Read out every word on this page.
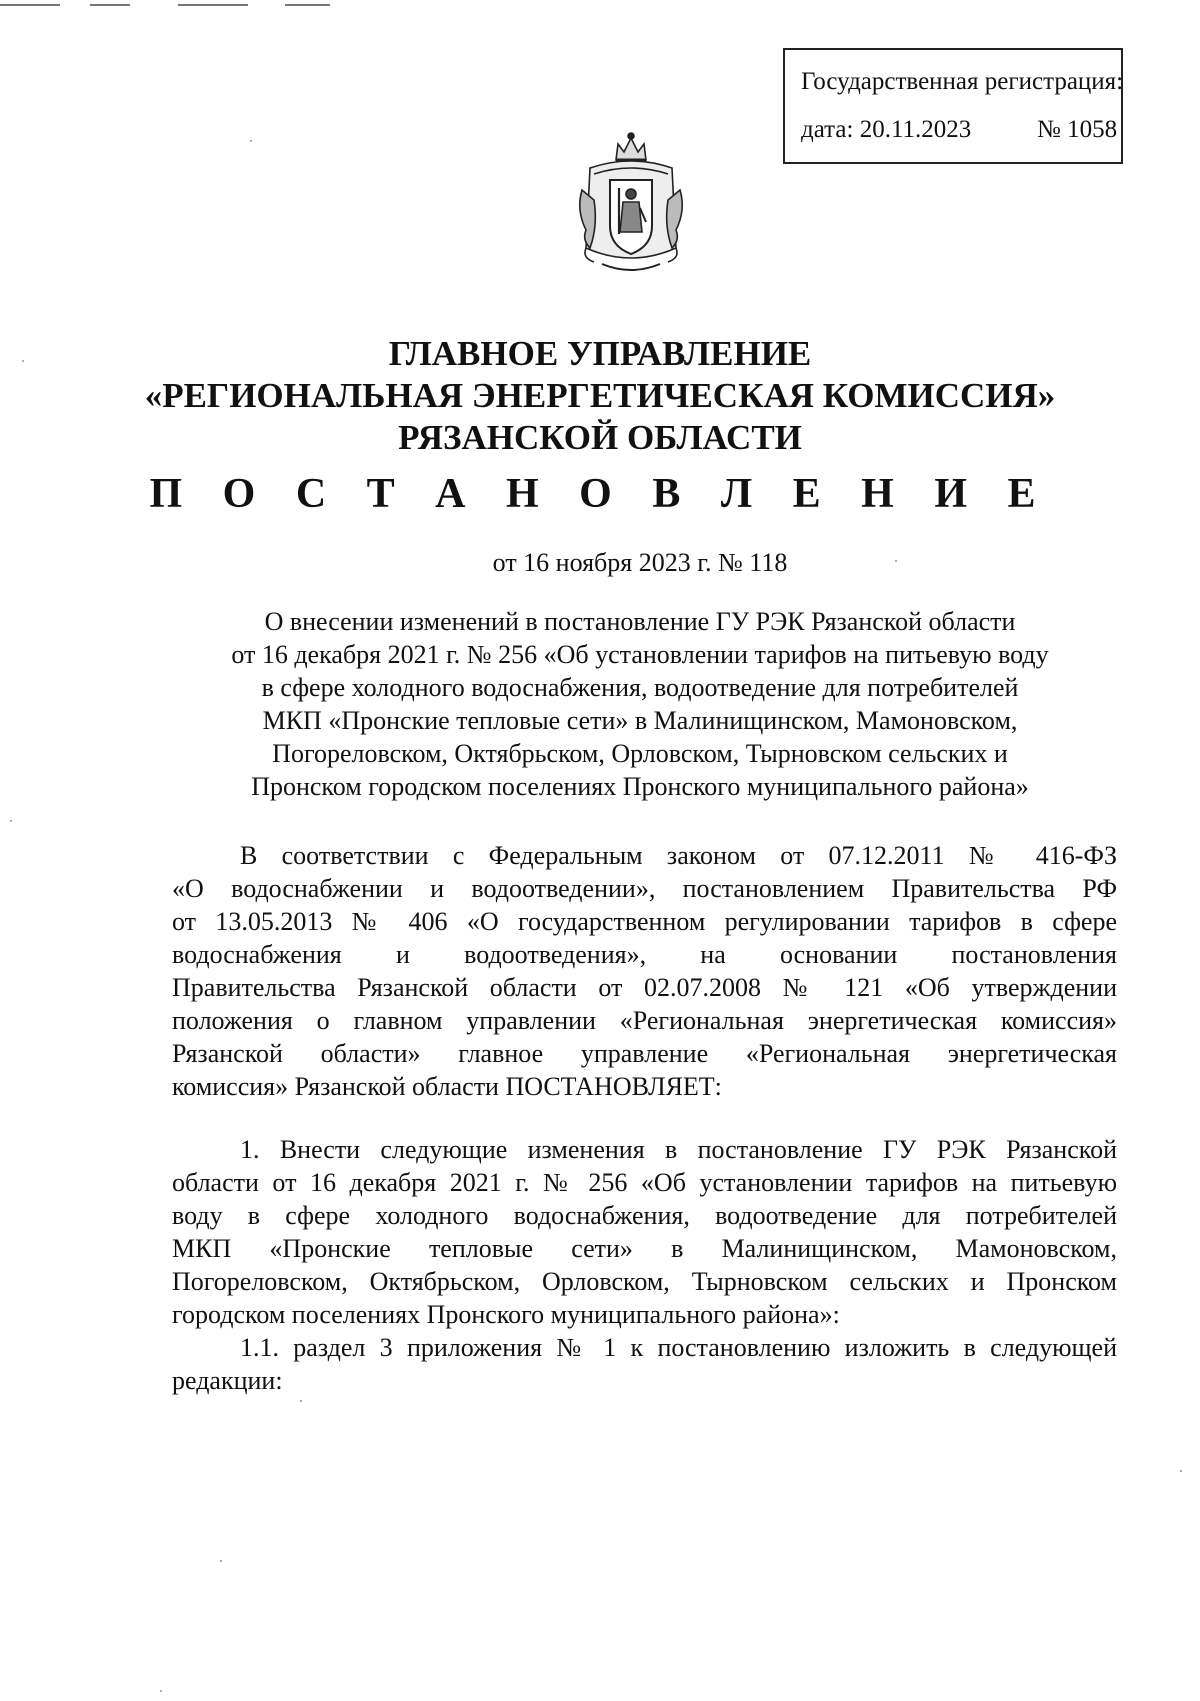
Государственная регистрация:
дата: 20.11.2023	№ 1058
ГЛАВНОЕ УПРАВЛЕНИЕ
«РЕГИОНАЛЬНАЯ ЭНЕРГЕТИЧЕСКАЯ КОМИССИЯ»
РЯЗАНСКОЙ ОБЛАСТИ
П О С Т А Н О В Л Е Н И Е
от 16 ноября 2023 г. № 118
О внесении изменений в постановление ГУ РЭК Рязанской области
от 16 декабря 2021 г. № 256 «Об установлении тарифов на питьевую воду
в сфере холодного водоснабжения, водоотведение для потребителей
МКП «Пронские тепловые сети» в Малинищинском, Мамоновском,
Погореловском, Октябрьском, Орловском, Тырновском сельских и
Пронском городском поселениях Пронского муниципального района»
В соответствии с Федеральным законом от 07.12.2011 № 416-ФЗ
«О водоснабжении и водоотведении», постановлением Правительства РФ
от 13.05.2013 № 406 «О государственном регулировании тарифов в сфере
водоснабжения и водоотведения», на основании постановления
Правительства Рязанской области от 02.07.2008 № 121 «Об утверждении
положения о главном управлении «Региональная энергетическая комиссия»
Рязанской области» главное управление «Региональная энергетическая
комиссия» Рязанской области ПОСТАНОВЛЯЕТ:
1. Внести следующие изменения в постановление ГУ РЭК Рязанской
области от 16 декабря 2021 г. № 256 «Об установлении тарифов на питьевую
воду в сфере холодного водоснабжения, водоотведение для потребителей
МКП «Пронские тепловые сети» в Малинищинском, Мамоновском,
Погореловском, Октябрьском, Орловском, Тырновском сельских и Пронском
городском поселениях Пронского муниципального района»:
1.1. раздел 3 приложения № 1 к постановлению изложить в следующей
редакции:
